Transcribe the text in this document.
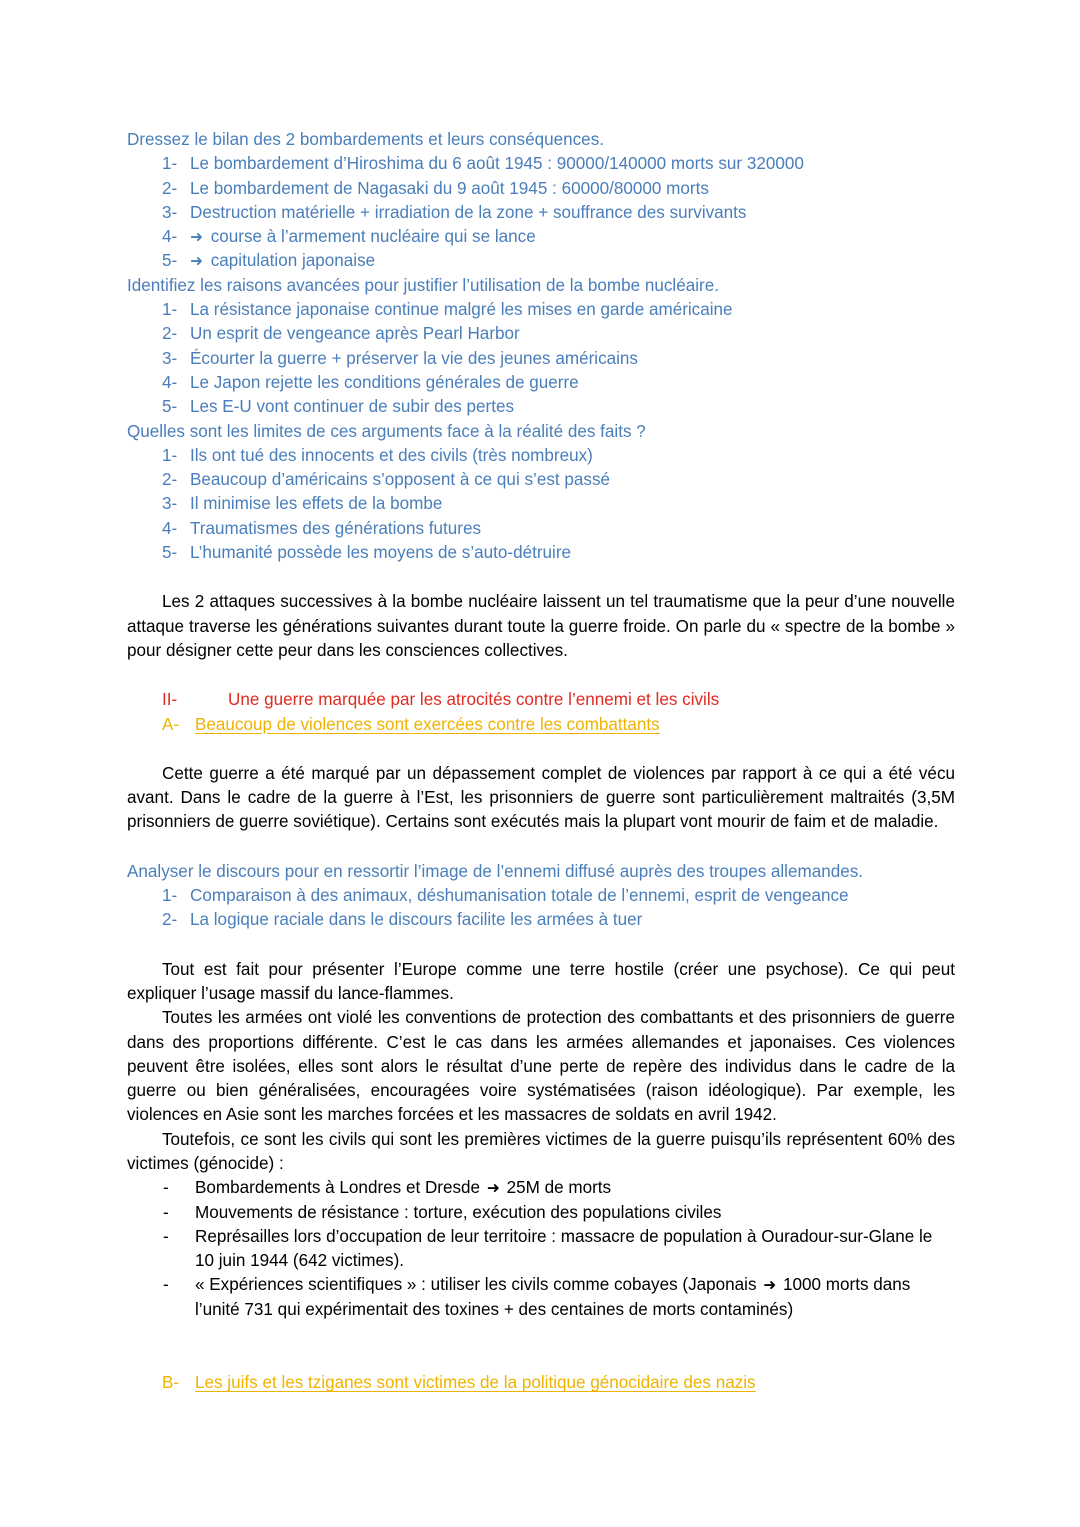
Dressez le bilan des 2 bombardements et leurs conséquences.

1- Le bombardement d’Hiroshima du 6 août 1945 : 90000/140000 morts sur 320000
2- Le bombardement de Nagasaki du 9 août 1945 : 60000/80000 morts
3- Destruction matérielle + irradiation de la zone + souffrance des survivants
4- ➜ course à l’armement nucléaire qui se lance
5- ➜ capitulation japonaise

Identifiez les raisons avancées pour justifier l’utilisation de la bombe nucléaire.

1- La résistance japonaise continue malgré les mises en garde américaine
2- Un esprit de vengeance après Pearl Harbor
3- Écourter la guerre + préserver la vie des jeunes américains
4- Le Japon rejette les conditions générales de guerre
5- Les E-U vont continuer de subir des pertes

Quelles sont les limites de ces arguments face à la réalité des faits ?

1- Ils ont tué des innocents et des civils (très nombreux)
2- Beaucoup d’américains s’opposent à ce qui s’est passé
3- Il minimise les effets de la bombe
4- Traumatismes des générations futures
5- L’humanité possède les moyens de s’auto-détruire

Les 2 attaques successives à la bombe nucléaire laissent un tel traumatisme que la peur d’une nouvelle attaque traverse les générations suivantes durant toute la guerre froide. On parle du « spectre de la bombe » pour désigner cette peur dans les consciences collectives.

II-	Une guerre marquée par les atrocités contre l’ennemi et les civils

A- Beaucoup de violences sont exercées contre les combattants

Cette guerre a été marqué par un dépassement complet de violences par rapport à ce qui a été vécu avant. Dans le cadre de la guerre à l’Est, les prisonniers de guerre sont particulièrement maltraités (3,5M prisonniers de guerre soviétique). Certains sont exécutés mais la plupart vont mourir de faim et de maladie.

Analyser le discours pour en ressortir l’image de l’ennemi diffusé auprès des troupes allemandes.

1- Comparaison à des animaux, déshumanisation totale de l’ennemi, esprit de vengeance
2- La logique raciale dans le discours facilite les armées à tuer

Tout est fait pour présenter l’Europe comme une terre hostile (créer une psychose). Ce qui peut expliquer l’usage massif du lance-flammes.

Toutes les armées ont violé les conventions de protection des combattants et des prisonniers de guerre dans des proportions différente. C’est le cas dans les armées allemandes et japonaises. Ces violences peuvent être isolées, elles sont alors le résultat d’une perte de repère des individus dans le cadre de la guerre ou bien généralisées, encouragées voire systématisées (raison idéologique). Par exemple, les violences en Asie sont les marches forcées et les massacres de soldats en avril 1942.

Toutefois, ce sont les civils qui sont les premières victimes de la guerre puisqu’ils représentent 60% des victimes (génocide) :

- Bombardements à Londres et Dresde ➜ 25M de morts
- Mouvements de résistance : torture, exécution des populations civiles
- Représailles lors d’occupation de leur territoire : massacre de population à Ouradour-sur-Glane le 10 juin 1944 (642 victimes).
- « Expériences scientifiques » : utiliser les civils comme cobayes (Japonais ➜ 1000 morts dans l’unité 731 qui expérimentait des toxines + des centaines de morts contaminés)

B- Les juifs et les tziganes sont victimes de la politique génocidaire des nazis
